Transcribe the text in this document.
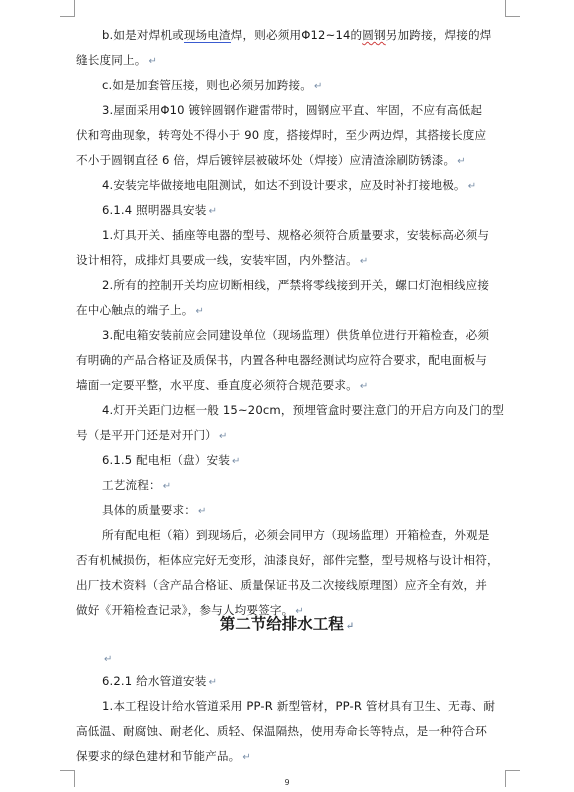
b.如是对焊机或现场电渣焊，则必须用Φ12~14的圆钢另加跨接，焊接的焊
缝长度同上。 ↵
c.如是加套管压接，则也必须另加跨接。 ↵
3.屋面采用Φ10 镀锌圆钢作避雷带时，圆钢应平直、牢固，不应有高低起
伏和弯曲现象，转弯处不得小于 90 度，搭接焊时，至少两边焊，其搭接长度应
不小于圆钢直径 6 倍，焊后镀锌层被破坏处（焊接）应清渣涂刷防锈漆。 ↵
4.安装完毕做接地电阻测试，如达不到设计要求，应及时补打接地极。 ↵
6.1.4 照明器具安装 ↵
1.灯具开关、插座等电器的型号、规格必须符合质量要求，安装标高必须与
设计相符，成排灯具要成一线，安装牢固，内外整洁。 ↵
2.所有的控制开关均应切断相线，严禁将零线接到开关，螺口灯泡相线应接
在中心触点的端子上。 ↵
3.配电箱安装前应会同建设单位（现场监理）供货单位进行开箱检查，必须
有明确的产品合格证及质保书，内置各种电器经测试均应符合要求，配电面板与
墙面一定要平整，水平度、垂直度必须符合规范要求。 ↵
4.灯开关距门边框一般 15~20cm，预埋管盒时要注意门的开启方向及门的型
号（是平开门还是对开门） ↵
6.1.5 配电柜（盘）安装 ↵
工艺流程： ↵
具体的质量要求： ↵
所有配电柜（箱）到现场后，必须会同甲方（现场监理）开箱检查，外观是
否有机械损伤，柜体应完好无变形，油漆良好，部件完整，型号规格与设计相符，
出厂技术资料（含产品合格证、质量保证书及二次接线原理图）应齐全有效，并
做好《开箱检查记录》，参与人均要签字。 ↵
第二节给排水工程 ↵
↵
6.2.1 给水管道安装 ↵
1.本工程设计给水管道采用 PP-R 新型管材，PP-R 管材具有卫生、无毒、耐
高低温、耐腐蚀、耐老化、质轻、保温隔热，使用寿命长等特点，是一种符合环
保要求的绿色建材和节能产品。 ↵
9
